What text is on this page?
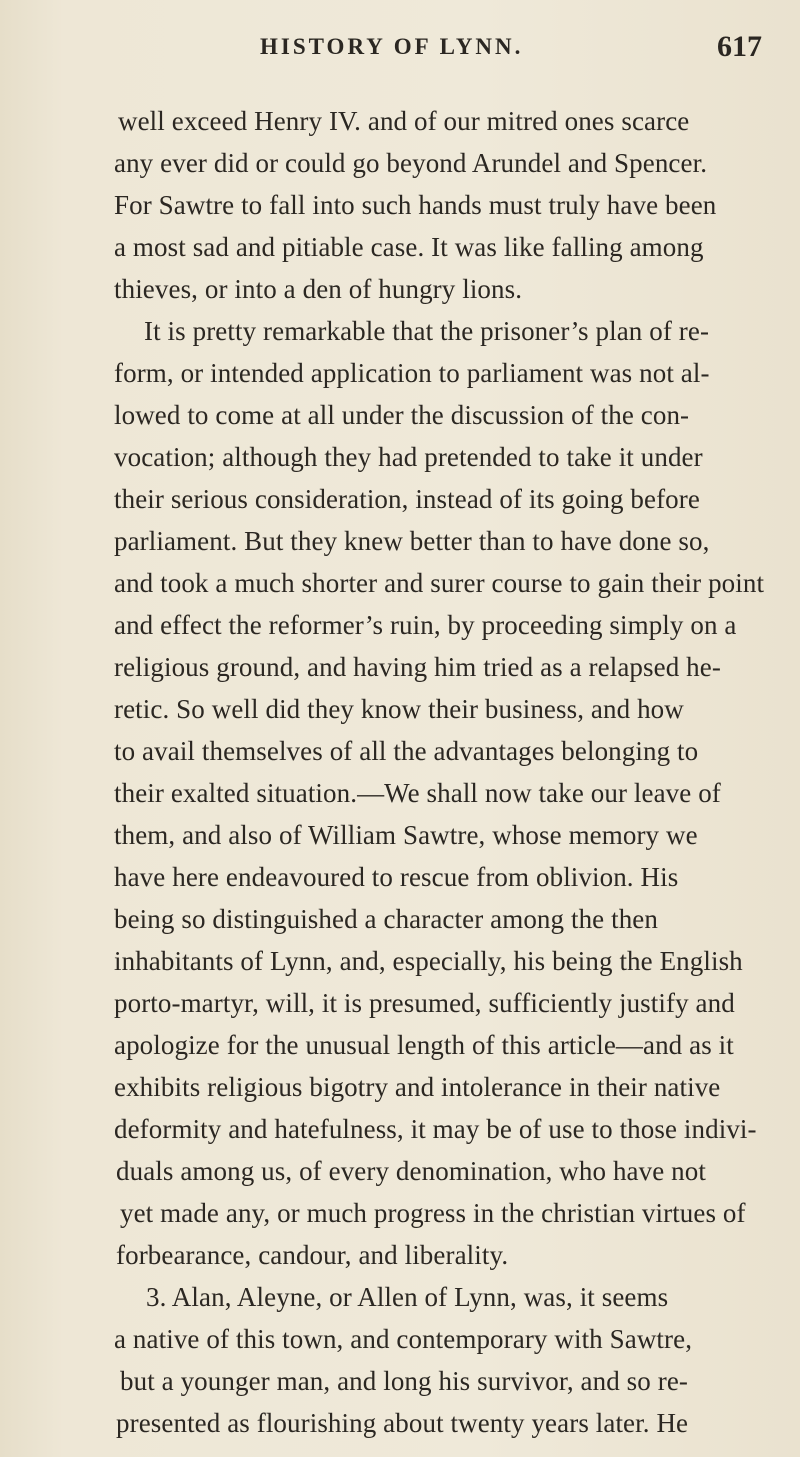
HISTORY OF LYNN.	617
well exceed Henry IV. and of our mitred ones scarce
any ever did or could go beyond Arundel and Spencer.
For Sawtre to fall into such hands must truly have been
a most sad and pitiable case. It was like falling among
thieves, or into a den of hungry lions.
It is pretty remarkable that the prisoner’s plan of re-
form, or intended application to parliament was not al-
lowed to come at all under the discussion of the con-
vocation; although they had pretended to take it under
their serious consideration, instead of its going before
parliament. But they knew better than to have done so,
and took a much shorter and surer course to gain their point
and effect the reformer’s ruin, by proceeding simply on a
religious ground, and having him tried as a relapsed he-
retic. So well did they know their business, and how
to avail themselves of all the advantages belonging to
their exalted situation.—We shall now take our leave of
them, and also of William Sawtre, whose memory we
have here endeavoured to rescue from oblivion. His
being so distinguished a character among the then
inhabitants of Lynn, and, especially, his being the English
porto-martyr, will, it is presumed, sufficiently justify and
apologize for the unusual length of this article—and as it
exhibits religious bigotry and intolerance in their native
deformity and hatefulness, it may be of use to those indivi-
duals among us, of every denomination, who have not
yet made any, or much progress in the christian virtues of
forbearance, candour, and liberality.
3. Alan, Aleyne, or Allen of Lynn, was, it seems
a native of this town, and contemporary with Sawtre,
but a younger man, and long his survivor, and so re-
presented as flourishing about twenty years later. He
